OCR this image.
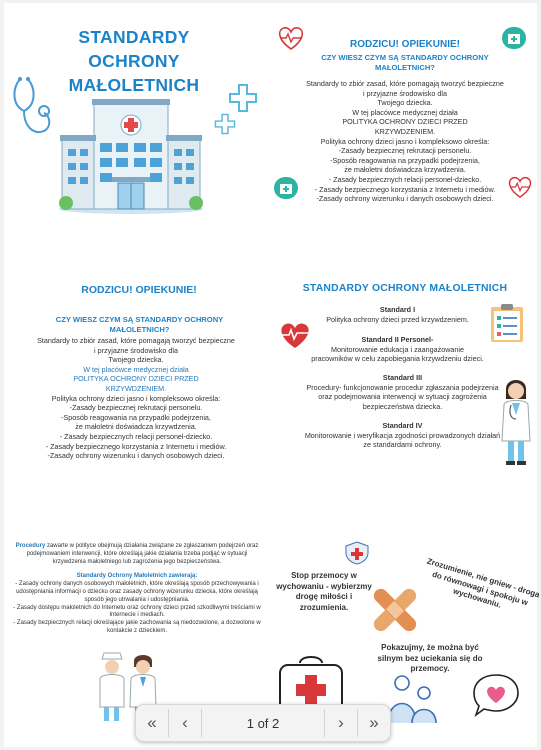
STANDARDY OCHRONY MAŁOLETNICH
RODZICU! OPIEKUNIE!
CZY WIESZ CZYM SĄ STANDARDY OCHRONY MAŁOLETNICH?
Standardy to zbiór zasad, które pomagają tworzyć bezpieczne
i przyjazne środowisko dla
Twojego dziecka.
W tej placówce medycznej działa
POLITYKA OCHRONY DZIECI PRZED
KRZYWDZENIEM.
Polityka ochrony dzieci jasno i kompleksowo określa:
-Zasady bezpiecznej rekrutacji personelu.
-Sposób reagowania na przypadki podejrzenia,
że małoletni doświadcza krzywdzenia.
- Zasady bezpiecznych relacji personel-dziecko.
- Zasady bezpiecznego korzystania z Internetu i mediów.
-Zasady ochrony wizerunku i danych osobowych dzieci.
RODZICU! OPIEKUNIE!
CZY WIESZ CZYM SĄ STANDARDY OCHRONY MAŁOLETNICH?
Standardy to zbiór zasad, które pomagają tworzyć bezpieczne
i przyjazne środowisko dla
Twojego dziecka.
W tej placówce medycznej działa
POLITYKA OCHRONY DZIECI PRZED
KRZYWDZENIEM.
Polityka ochrony dzieci jasno i kompleksowo określa:
-Zasady bezpiecznej rekrutacji personelu.
-Sposób reagowania na przypadki podejrzenia,
że małoletni doświadcza krzywdzenia.
- Zasady bezpiecznych relacji personel-dziecko.
- Zasady bezpiecznego korzystania z Internetu i mediów.
-Zasady ochrony wizerunku i danych osobowych dzieci.
STANDARDY OCHRONY MAŁOLETNICH
Standard I
Polityka ochrony dzieci przed krzywdzeniem.
Standard II Personel-
Monitorowanie edukacja i zaangażowanie
pracowników w celu zapobiegania krzywdzeniu dzieci.
Standard III
Procedury- funkcjonowanie procedur zgłaszania podejrzenia
oraz podejmowania interwencji w sytuacji zagrożenia
bezpieczeństwa dziecka.
Standard IV
Monitorowanie i weryfikacja zgodności prowadzonych działań
ze standardami ochrony.
Procedury zawarte w polityce obejmują działania związane ze zgłaszaniem podejrzeń oraz podejmowaniem interwencji, które określają jakie działania trzeba podjąć w sytuacji krzywdzenia małoletniego lub zagrożenia jego bezpieczeństwa.
Standardy Ochrony Małoletnich zawierają:
- Zasady ochrony danych osobowych małoletnich, które określają sposób przechowywania i udostępniania informacji o dziecku oraz zasady ochrony wizerunku dziecka, które określają sposób jego utrwalania i udostępniania.
- Zasady dostępu małoletnich do Internetu oraz ochrony dzieci przed szkodliwymi treściami w Internecie i mediach.
- Zasady bezpiecznych relacji określające jakie zachowania są niedozwolone, a dozwolone w kontakcie z dzieckiem.
Stop przemocy w wychowaniu - wybierzmy drogę miłości i zrozumienia.
Zrozumienie, nie gniew - droga do równowagi i spokoju w wychowaniu.
Pokazujmy, że można być silnym bez uciekania się do przemocy.
« ‹	1 of 2	› »
